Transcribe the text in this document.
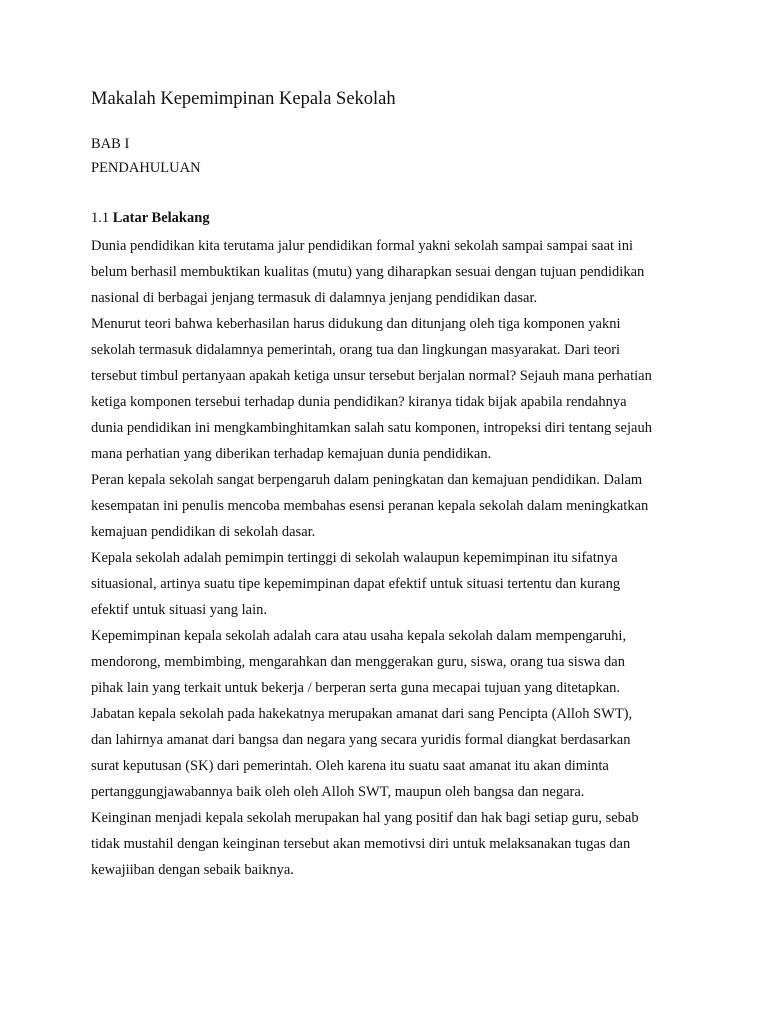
Makalah Kepemimpinan Kepala Sekolah
BAB I
PENDAHULUAN
1.1 Latar Belakang
Dunia pendidikan kita terutama jalur pendidikan formal yakni sekolah sampai sampai saat ini
belum berhasil membuktikan kualitas (mutu) yang diharapkan sesuai dengan tujuan pendidikan
nasional di berbagai jenjang termasuk di dalamnya jenjang pendidikan dasar.
Menurut teori bahwa keberhasilan harus didukung dan ditunjang oleh tiga komponen yakni
sekolah termasuk didalamnya pemerintah, orang tua dan lingkungan masyarakat. Dari teori
tersebut timbul pertanyaan apakah ketiga unsur tersebut berjalan normal? Sejauh mana perhatian
ketiga komponen tersebui terhadap dunia pendidikan? kiranya tidak bijak apabila rendahnya
dunia pendidikan ini mengkambinghitamkan salah satu komponen, intropeksi diri tentang sejauh
mana perhatian yang diberikan terhadap kemajuan dunia pendidikan.
Peran kepala sekolah sangat berpengaruh dalam peningkatan dan kemajuan pendidikan. Dalam
kesempatan ini penulis mencoba membahas esensi peranan kepala sekolah dalam meningkatkan
kemajuan pendidikan di sekolah dasar.
Kepala sekolah adalah pemimpin tertinggi di sekolah walaupun kepemimpinan itu sifatnya
situasional, artinya suatu tipe kepemimpinan dapat efektif untuk situasi tertentu dan kurang
efektif untuk situasi yang lain.
Kepemimpinan kepala sekolah adalah cara atau usaha kepala sekolah dalam mempengaruhi,
mendorong, membimbing, mengarahkan dan menggerakan guru, siswa, orang tua siswa dan
pihak lain yang terkait untuk bekerja / berperan serta guna mecapai tujuan yang ditetapkan.
Jabatan kepala sekolah pada hakekatnya merupakan amanat dari sang Pencipta (Alloh SWT),
dan lahirnya amanat dari bangsa dan negara yang secara yuridis formal diangkat berdasarkan
surat keputusan (SK) dari pemerintah. Oleh karena itu suatu saat amanat itu akan diminta
pertanggungjawabannya baik oleh oleh Alloh SWT, maupun oleh bangsa dan negara.
Keinginan menjadi kepala sekolah merupakan hal yang positif dan hak bagi setiap guru, sebab
tidak mustahil dengan keinginan tersebut akan memotivsi diri untuk melaksanakan tugas dan
kewajiiban dengan sebaik baiknya.
